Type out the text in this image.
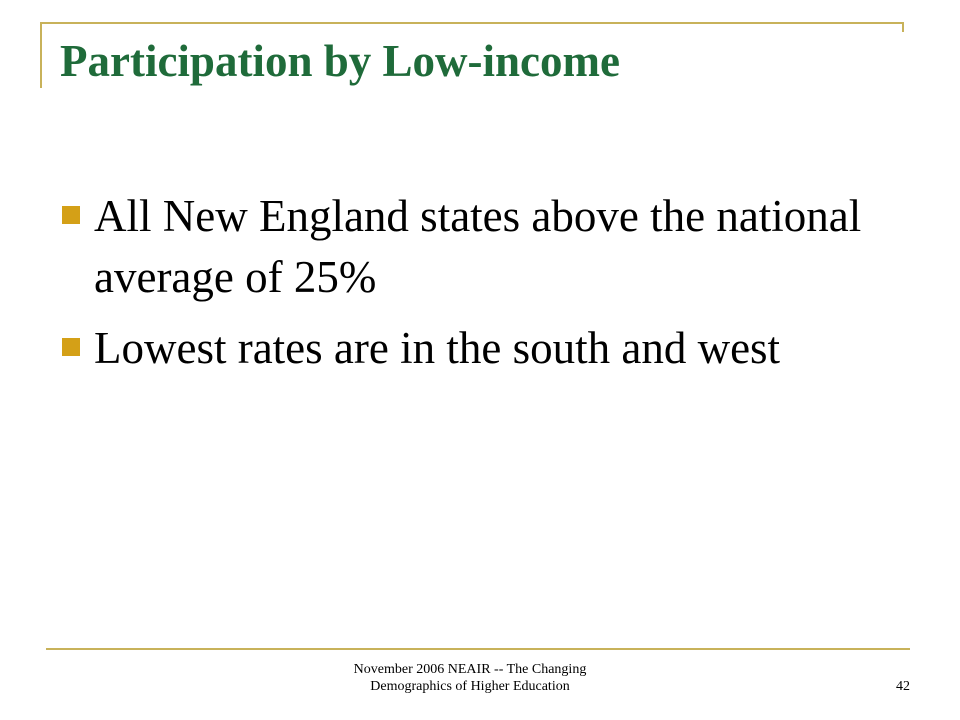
Participation by Low-income
All New England states above the national average of 25%
Lowest rates are in the south and west
November 2006 NEAIR -- The Changing
Demographics of Higher Education	42
